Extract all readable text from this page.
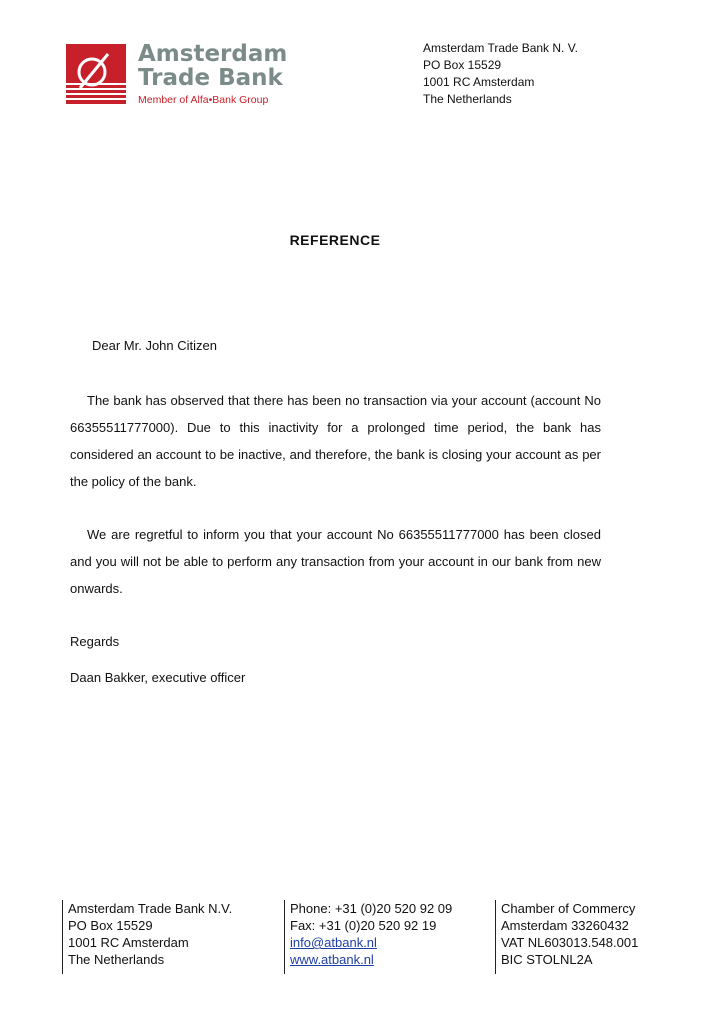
Amsterdam
Trade Bank
Member of Alfa•Bank Group
Amsterdam Trade Bank N. V.
PO Box 15529
1001 RC Amsterdam
The Netherlands
REFERENCE
Dear Mr. John Citizen
The bank has observed that there has been no transaction via your account (account No 66355511777000). Due to this inactivity for a prolonged time period, the bank has considered an account to be inactive, and therefore, the bank is closing your account as per the policy of the bank.
We are regretful to inform you that your account No 66355511777000 has been closed and you will not be able to perform any transaction from your account in our bank from new onwards.
Regards
Daan Bakker, executive officer
Amsterdam Trade Bank N.V.
PO Box 15529
1001 RC Amsterdam
The Netherlands
Phone: +31 (0)20 520 92 09
Fax: +31 (0)20 520 92 19
info@atbank.nl
www.atbank.nl
Chamber of Commercy
Amsterdam 33260432
VAT NL603013.548.001
BIC STOLNL2A
